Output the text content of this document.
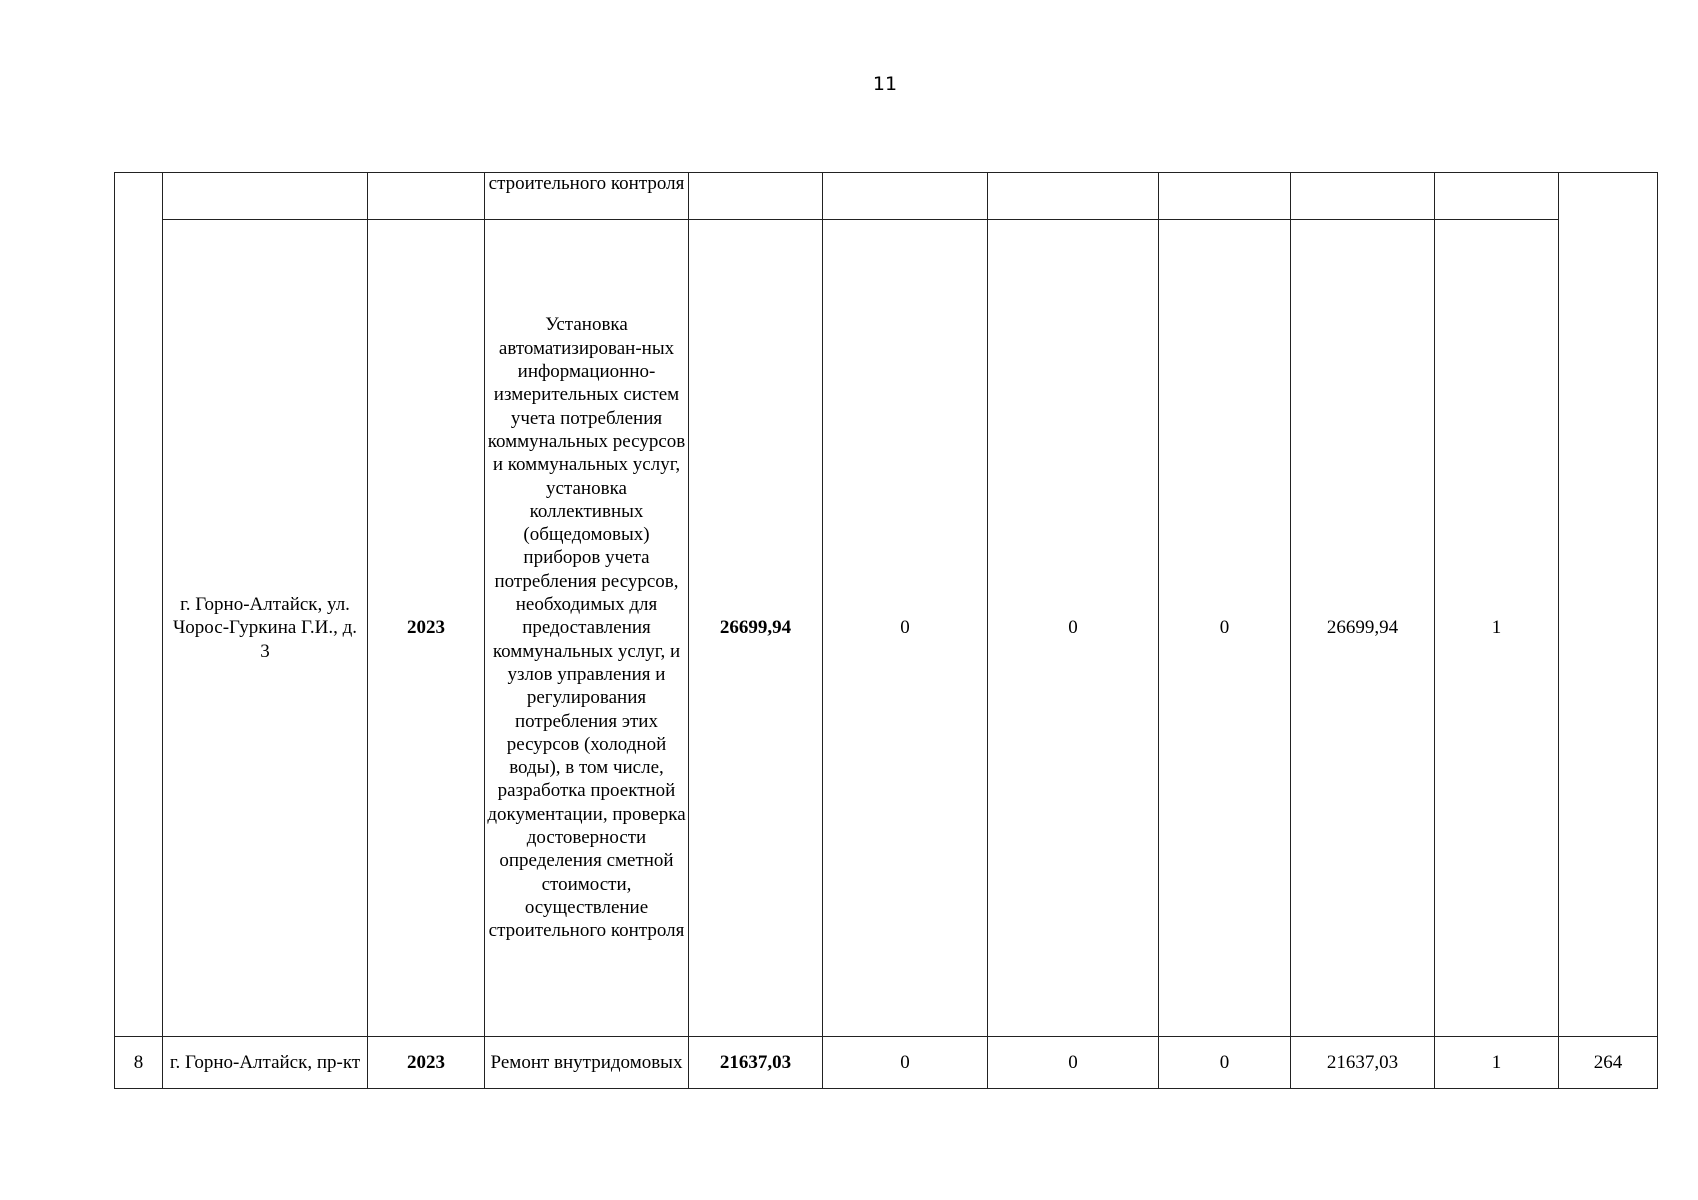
11
			строительного контроля							
	г. Горно-Алтайск, ул. Чорос-Гуркина Г.И., д. 3	2023	Установка автоматизирован-ных информационно-измерительных систем учета потребления коммунальных ресурсов и коммунальных услуг, установка коллективных (общедомовых) приборов учета потребления ресурсов, необходимых для предоставления коммунальных услуг, и узлов управления и регулирования потребления этих ресурсов (холодной воды), в том числе, разработка проектной документации, проверка достоверности определения сметной стоимости, осуществление строительного контроля	26699,94	0	0	0	26699,94	1	
8	г. Горно-Алтайск, пр-кт	2023	Ремонт внутридомовых	21637,03	0	0	0	21637,03	1	264
